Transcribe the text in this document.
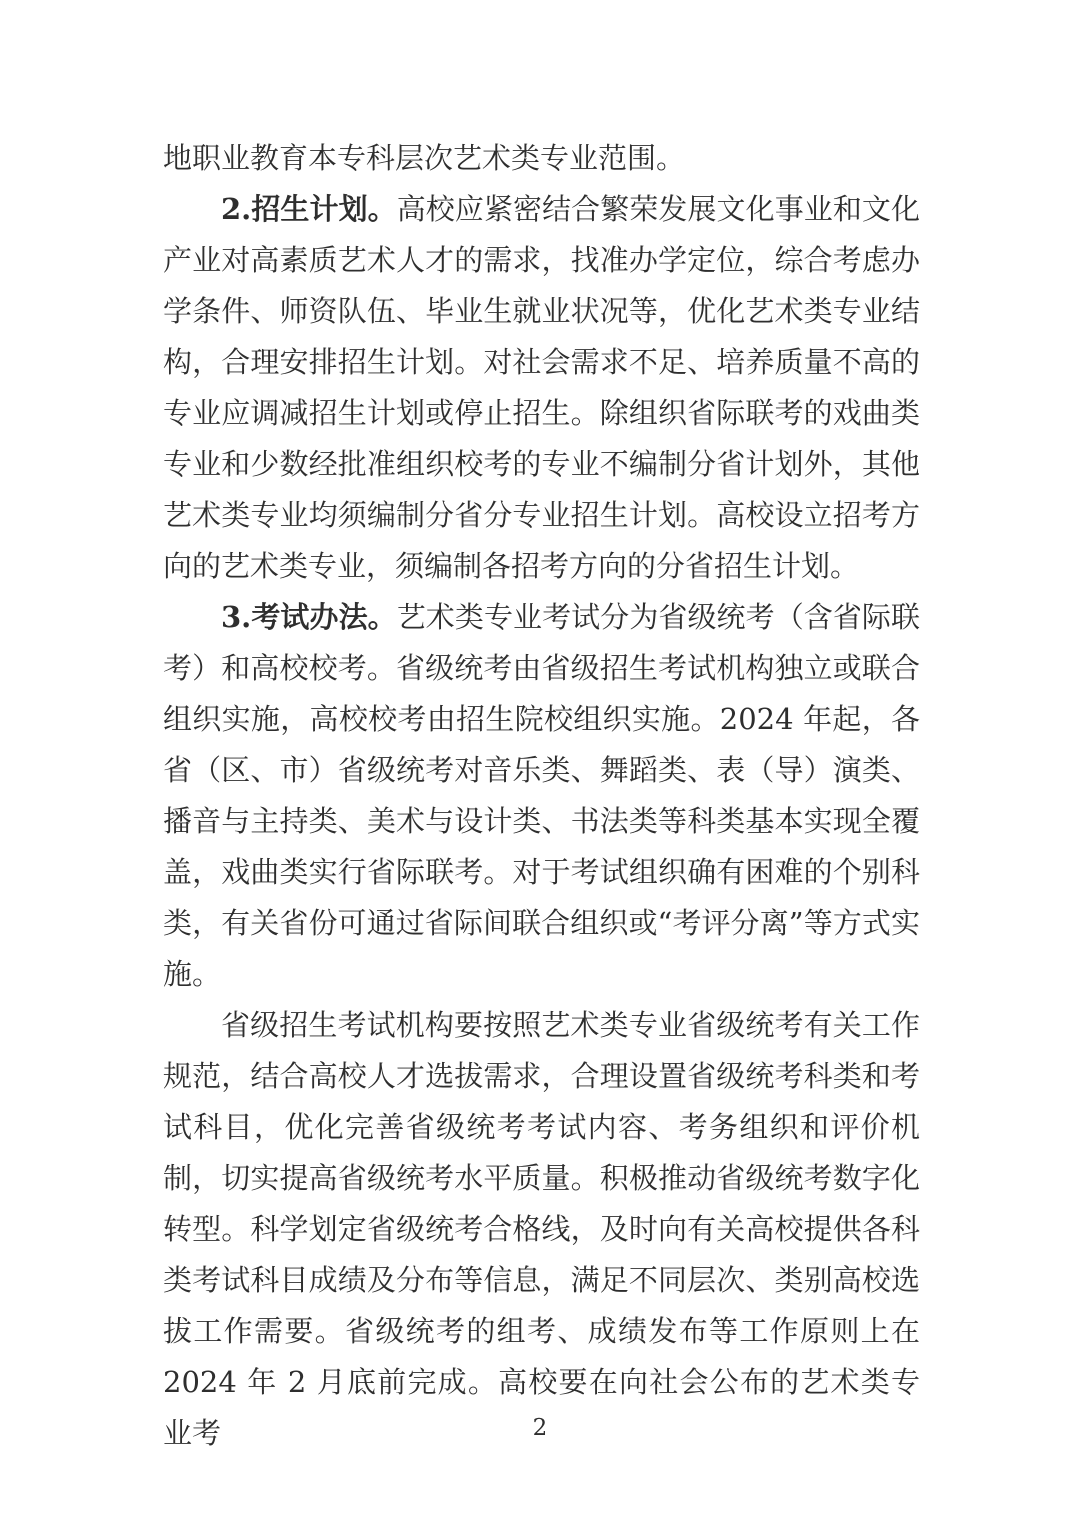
地职业教育本专科层次艺术类专业范围。

2.招生计划。高校应紧密结合繁荣发展文化事业和文化产业对高素质艺术人才的需求，找准办学定位，综合考虑办学条件、师资队伍、毕业生就业状况等，优化艺术类专业结构，合理安排招生计划。对社会需求不足、培养质量不高的专业应调减招生计划或停止招生。除组织省际联考的戏曲类专业和少数经批准组织校考的专业不编制分省计划外，其他艺术类专业均须编制分省分专业招生计划。高校设立招考方向的艺术类专业，须编制各招考方向的分省招生计划。

3.考试办法。艺术类专业考试分为省级统考（含省际联考）和高校校考。省级统考由省级招生考试机构独立或联合组织实施，高校校考由招生院校组织实施。2024 年起，各省（区、市）省级统考对音乐类、舞蹈类、表（导）演类、播音与主持类、美术与设计类、书法类等科类基本实现全覆盖，戏曲类实行省际联考。对于考试组织确有困难的个别科类，有关省份可通过省际间联合组织或“考评分离”等方式实施。

省级招生考试机构要按照艺术类专业省级统考有关工作规范，结合高校人才选拔需求，合理设置省级统考科类和考试科目，优化完善省级统考考试内容、考务组织和评价机制，切实提高省级统考水平质量。积极推动省级统考数字化转型。科学划定省级统考合格线，及时向有关高校提供各科类考试科目成绩及分布等信息，满足不同层次、类别高校选拔工作需要。省级统考的组考、成绩发布等工作原则上在 2024 年 2 月底前完成。高校要在向社会公布的艺术类专业考	2
